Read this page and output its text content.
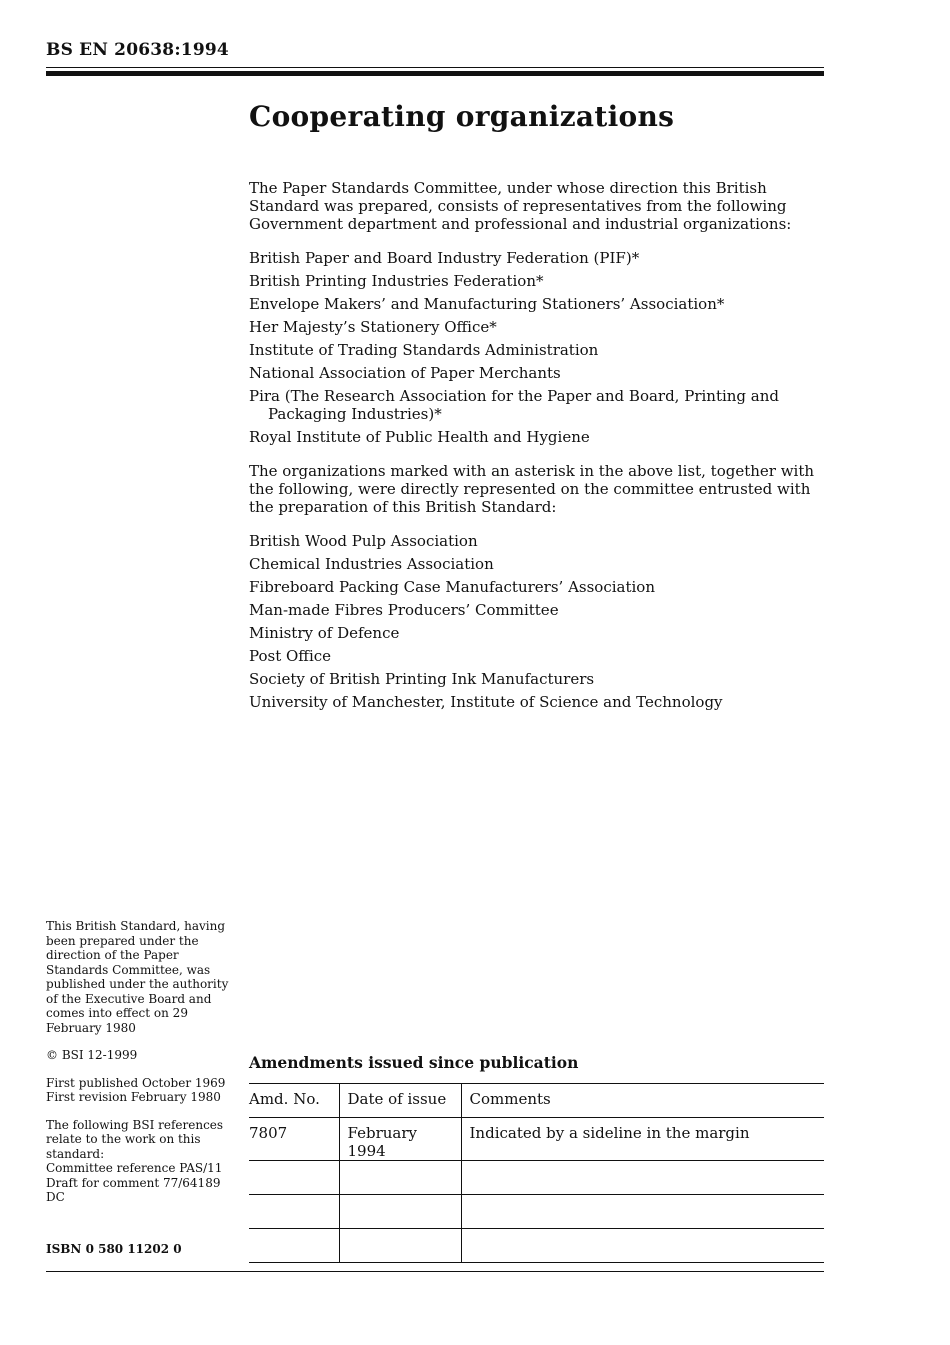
BS EN 20638:1994
Cooperating organizations

The Paper Standards Committee, under whose direction this British Standard was prepared, consists of representatives from the following Government department and professional and industrial organizations:

British Paper and Board Industry Federation (PIF)*
British Printing Industries Federation*
Envelope Makers’ and Manufacturing Stationers’ Association*
Her Majesty’s Stationery Office*
Institute of Trading Standards Administration
National Association of Paper Merchants
Pira (The Research Association for the Paper and Board, Printing and Packaging Industries)*
Royal Institute of Public Health and Hygiene

The organizations marked with an asterisk in the above list, together with the following, were directly represented on the committee entrusted with the preparation of this British Standard:

British Wood Pulp Association
Chemical Industries Association
Fibreboard Packing Case Manufacturers’ Association
Man-made Fibres Producers’ Committee
Ministry of Defence
Post Office
Society of British Printing Ink Manufacturers
University of Manchester, Institute of Science and Technology

This British Standard, having been prepared under the direction of the Paper Standards Committee, was published under the authority of the Executive Board and comes into effect on 29 February 1980

© BSI 12-1999

First published October 1969
First revision February 1980

The following BSI references relate to the work on this standard:
Committee reference PAS/11
Draft for comment 77/64189 DC

ISBN 0 580 11202 0
Amendments issued since publication
Amd. No.	Date of issue	Comments
7807	February 1994	Indicated by a sideline in the margin
